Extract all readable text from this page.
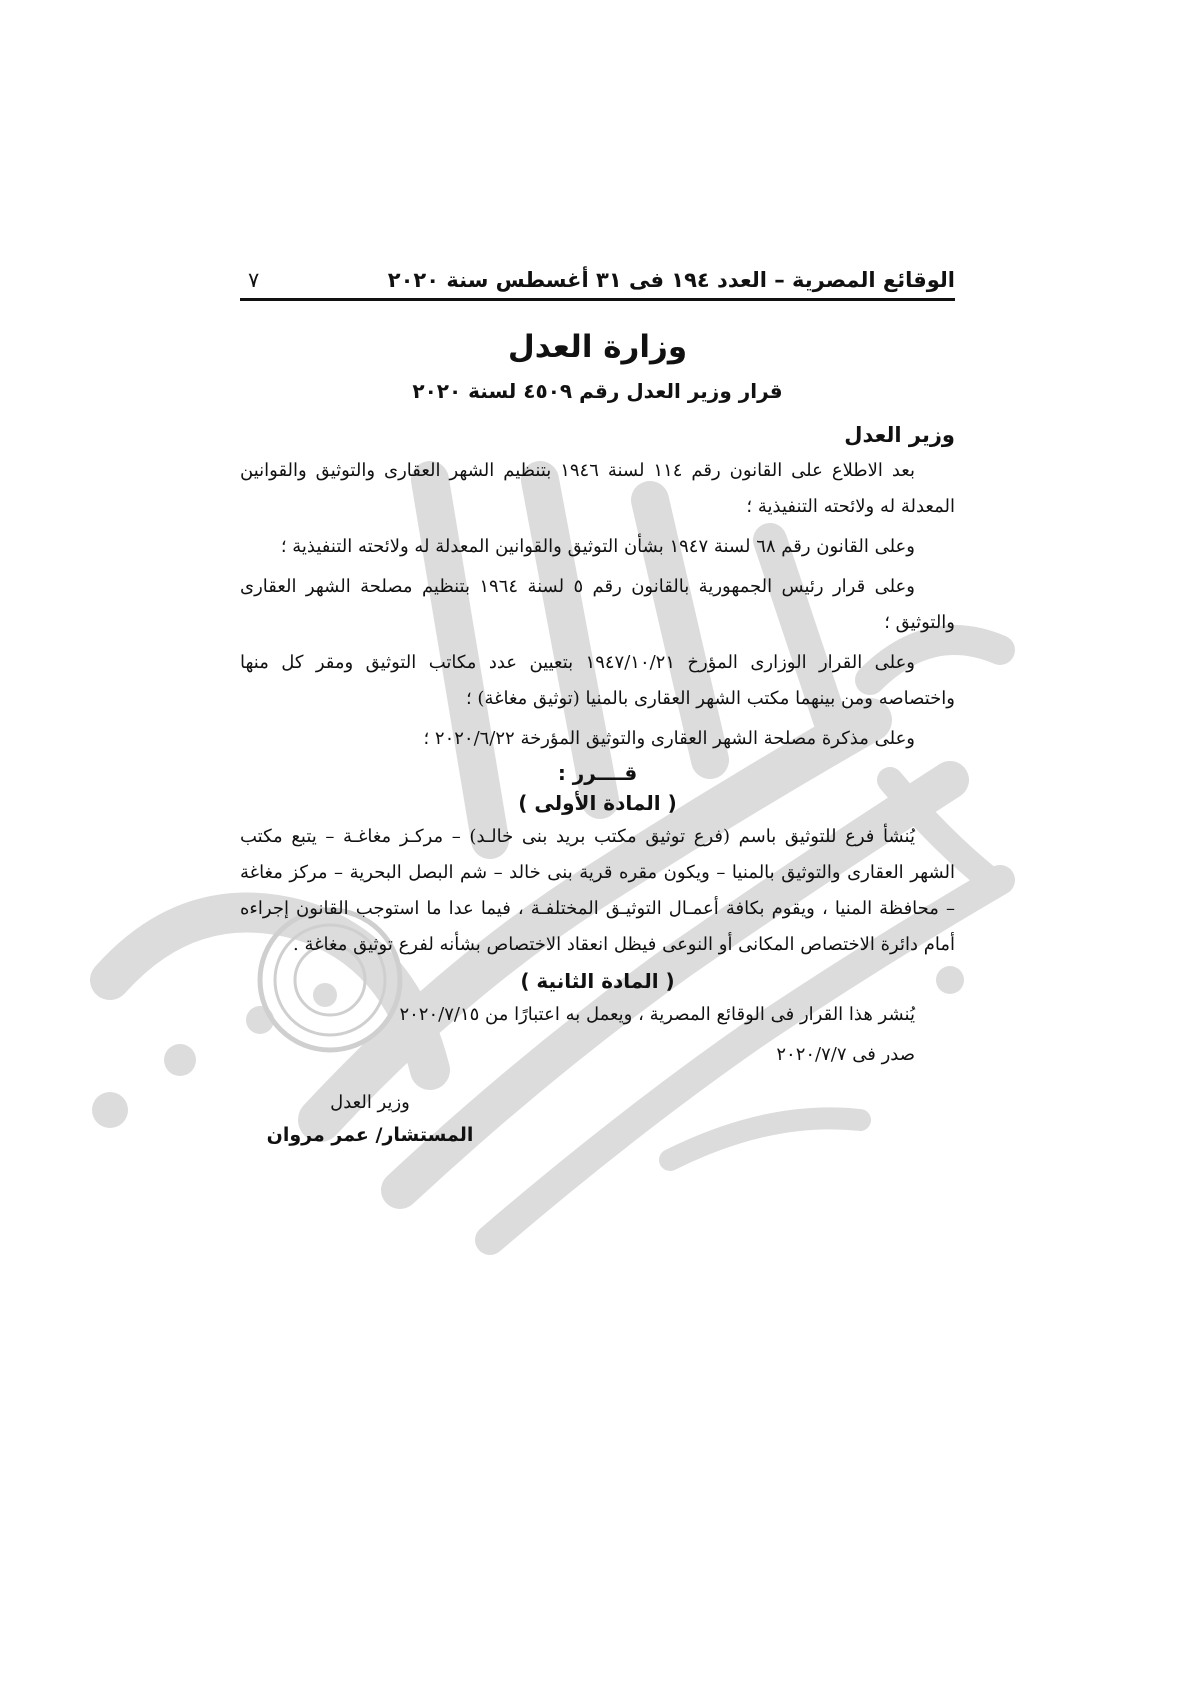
الوقائع المصرية – العدد ١٩٤ فى ٣١ أغسطس سنة ٢٠٢٠
٧
وزارة العدل
قرار وزير العدل رقم ٤٥٠٩ لسنة ٢٠٢٠
وزير العدل

بعد الاطلاع على القانون رقم ١١٤ لسنة ١٩٤٦ بتنظيم الشهر العقارى والتوثيق والقوانين المعدلة له ولائحته التنفيذية ؛

وعلى القانون رقم ٦٨ لسنة ١٩٤٧ بشأن التوثيق والقوانين المعدلة له ولائحته التنفيذية ؛

وعلى قرار رئيس الجمهورية بالقانون رقم ٥ لسنة ١٩٦٤ بتنظيم مصلحة الشهر العقارى والتوثيق ؛

وعلى القرار الوزارى المؤرخ ١٩٤٧/١٠/٢١ بتعيين عدد مكاتب التوثيق ومقر كل منها واختصاصه ومن بينهما مكتب الشهر العقارى بالمنيا (توثيق مغاغة) ؛

وعلى مذكرة مصلحة الشهر العقارى والتوثيق المؤرخة ٢٠٢٠/٦/٢٢ ؛

قــــرر :
( المادة الأولى )

يُنشأ فرع للتوثيق باسم (فرع توثيق مكتب بريد بنى خالـد) – مركـز مغاغـة – يتبع مكتب الشهر العقارى والتوثيق بالمنيا – ويكون مقره قرية بنى خالد – شم البصل البحرية – مركز مغاغة – محافظة المنيا ، ويقوم بكافة أعمـال التوثيـق المختلفـة ، فيما عدا ما استوجب القانون إجراءه أمام دائرة الاختصاص المكانى أو النوعى فيظل انعقاد الاختصاص بشأنه لفرع توثيق مغاغة .

( المادة الثانية )

يُنشر هذا القرار فى الوقائع المصرية ، ويعمل به اعتبارًا من ٢٠٢٠/٧/١٥

صدر فى ٢٠٢٠/٧/٧
وزير العدل
المستشار/ عمر مروان
